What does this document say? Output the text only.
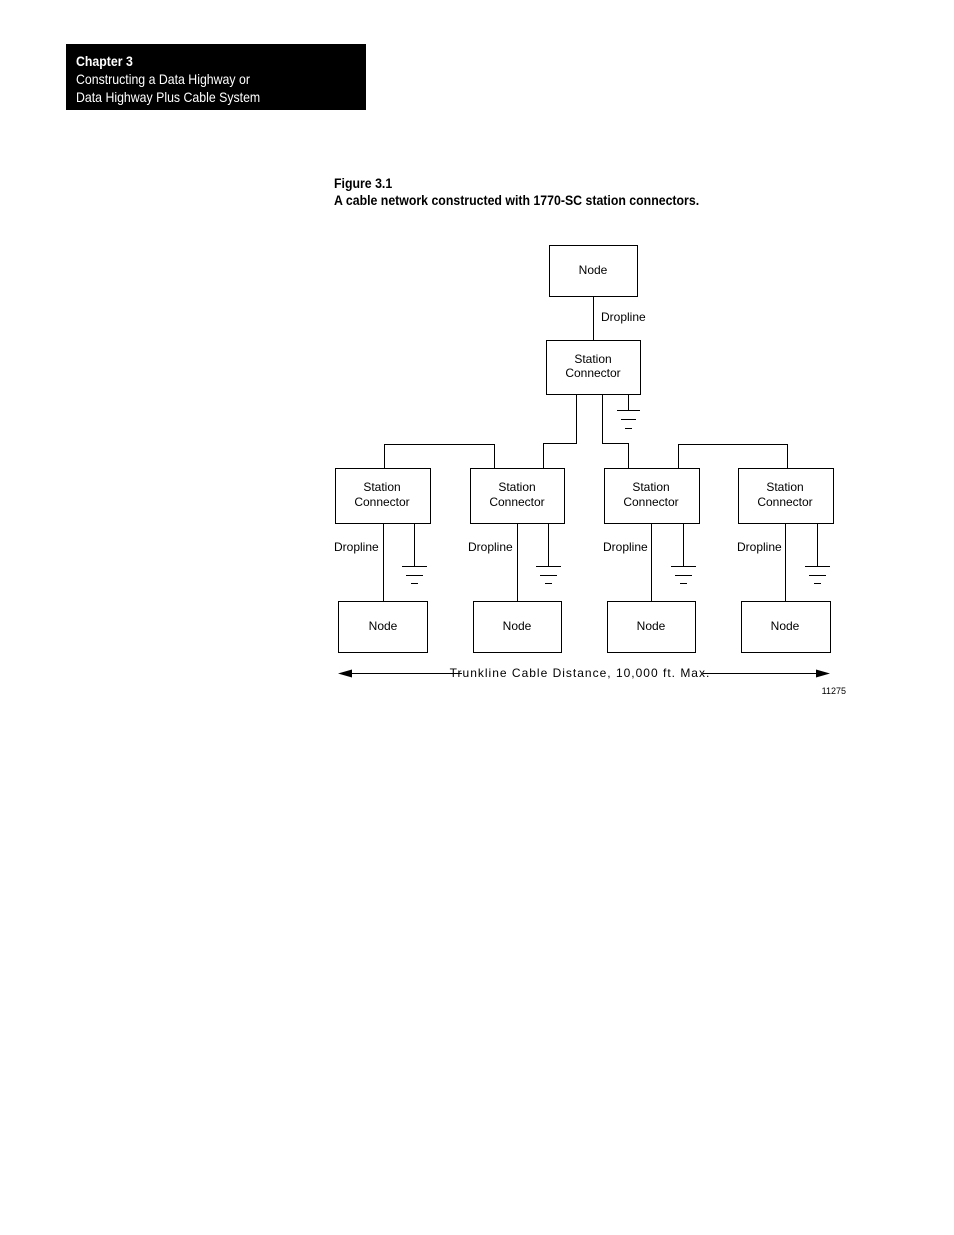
Chapter 3
Constructing a Data Highway or
Data Highway Plus Cable System
Figure 3.1
A cable network constructed with 1770-SC station connectors.
Node
Dropline
Station
Connector
Station
Connector
Dropline
Node
Station
Connector
Dropline
Node
Station
Connector
Dropline
Node
Station
Connector
Dropline
Node
Trunkline Cable Distance, 10,000 ft. Max.
11275
